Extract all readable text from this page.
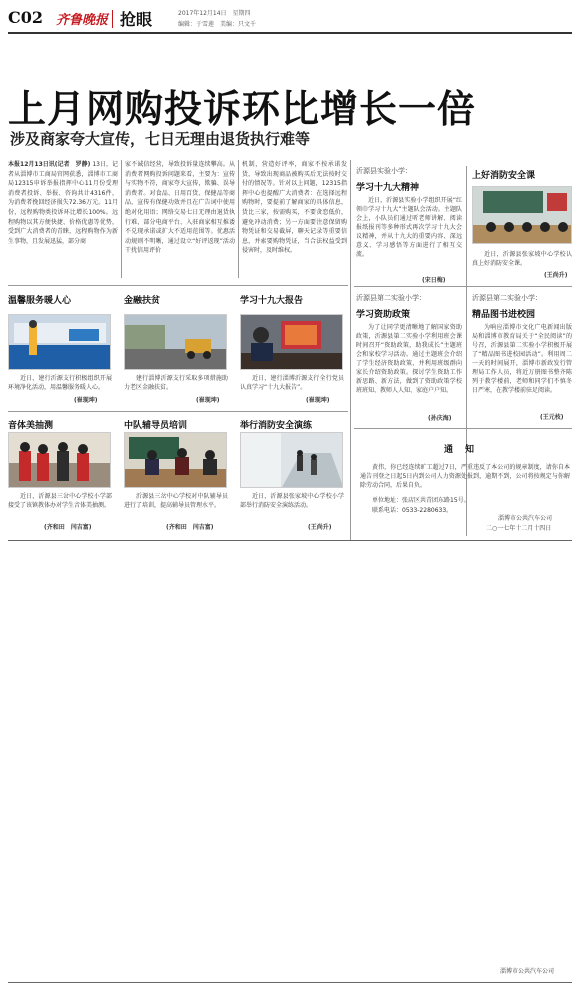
C02 齐鲁晚报 抢眼	2017年12月14日　星期四
编辑：于雪莲　美编：只文千
上月网购投诉环比增长一倍
涉及商家夸大宣传，七日无理由退货执行难等
本报12月13日讯(记者　罗静) 13日，记者从淄博市工商局官网获悉，淄博市工商局12315申诉举报指挥中心11月份受理消费者投诉、举报、咨询共计4316件，为消费者挽回经济损失72.36万元。11月份，远程购物类投诉环比增长100%。远程购物以其方便快捷、价格优惠等优势，受到广大消费者的青睐，远程购物作为新生事物，且发展迅猛，部分商
家不诚信经营，导致投诉量连续攀高。从消费者网购投诉问题来看，主要为：宣传与实物不符，商家夸大宣传，欺骗、误导消费者。对食品、日用百货、保健品等商品，宣传有保健功效并且在广告词中使用绝对化用语；网络交易七日无理由退货执行难，部分电商平台、入驻商家相互推诿不兑现承诺或扩大不适用范围等。优惠活动规则不明晰，通过设立“好评返现”活动干扰信用评价
机制，营造好评率，商家不按承诺发货，导致出现商品被购买后无法按时交付的情况等。针对以上问题，12315指挥中心也提醒广大消费者：在选择远程购物时，要提前了解商家的具体信息，货比三家，按需购买，不要贪恋低价，避免冲动消费；另一方面要注意保留购物凭证和交易截屏，聊天记录等重要信息，并索要购物凭证，当合法权益受到侵害时，及时维权。
温馨服务暖人心
近日，建行沂源支行积极组织开展环境净化活动，用温馨服务暖人心。
(崔现坤)
金融扶贫
建行淄博沂源支行采取多项措施助力老区金融扶贫。
(崔现坤)
学习十九大报告
近日，建行淄博沂源支行全行党员认真学习“十九大报告”。
(崔现坤)
音体美抽测
近日，沂源县三岔中心学校小学部接受了该镇教体办对学生音体美抽测。
(齐和田　闫吉富)
中队辅导员培训
沂源县三岔中心学校对中队辅导员进行了培训，提高辅导员管理水平。
(齐和田　闫吉富)
举行消防安全演练
近日，沂源县张家坡中心学校小学部举行消防安全演练活动。
(王尚升)
沂源县实验小学：
学习十九大精神
近日，沂源县实验小学组织开展“红领巾学习十九大”主题队会活动。主题队会上，小队员们通过听老师讲解、阅读报纸报刊等多种形式再次学习十九大会议精神，并从十九大的重要内容、深远意义、学习感悟等方面进行了相互交流。
(宋日梅)
上好消防安全课
近日，沂源县张家坡中心学校认真上好消防安全课。
(王尚升)
沂源县第二实验小学：
学习资助政策
为了让同学更清晰地了解国家资助政策，沂源县第二实验小学利用班会课时间召开“资助政策，助我成长”主题班会和家校学习活动。通过主题班会介绍了学生经济资助政策，并利用班级群向家长介绍资助政策。探讨学生资助工作新思路、新方法，做到了资助政策学校班班知、教师人人知、家庭户户知。
(孙庆海)
沂源县第二实验小学：
精品图书进校园
为响应淄博市文化广电新闻出版局和淄博市教育局关于“全民阅读”的号召，沂源县第二实验小学积极开展了“精品图书进校园活动”。利用周二一天的时间展开，淄博市新政发行管理局工作人员，将近万册图书整齐陈列于教学楼前，老师和同学们不慎冬日严寒，在教学楼前驻足阅读。
(王元枝)
通知
黄伟，你已经连续旷工超过7日，严重违反了本公司的规章制度，请你自本通告刊登之日起5日内到公司人力资源处报到，逾期不到，公司将按规定与你解除劳动合同，后果自负。
单位地址：张店区共青团东路15号。
联系电话：0533-2280633。
淄博市公共汽车公司
二○一七年十二月十四日
淄博市公共汽车公司
